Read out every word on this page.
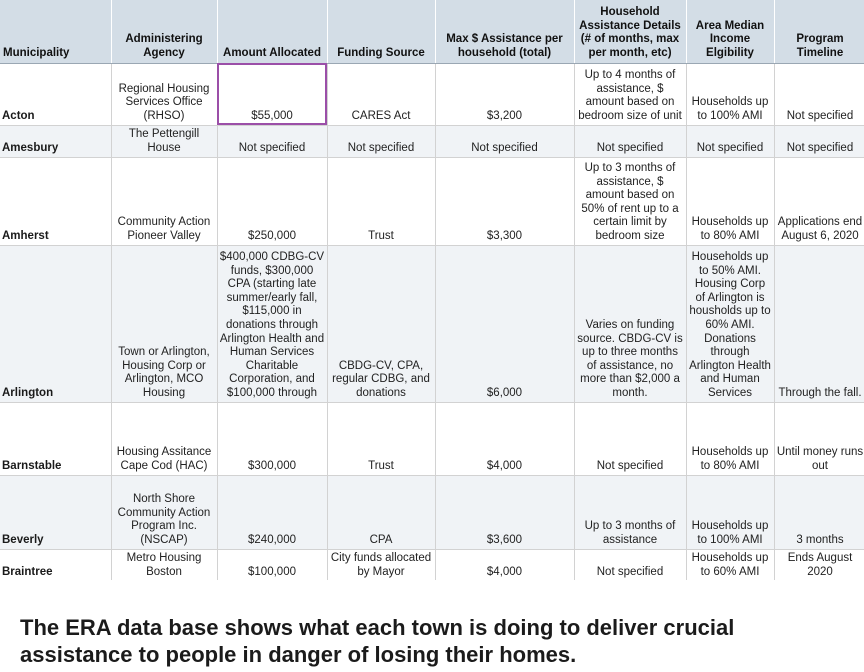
Municipality	Administering Agency	Amount Allocated	Funding Source	Max $ Assistance per household (total)	Household Assistance Details (# of months, max per month, etc)	Area Median Income Elgibility	Program Timeline
Acton	Regional Housing Services Office (RHSO)	$55,000	CARES Act	$3,200	Up to 4 months of assistance, $ amount based on bedroom size of unit	Households up to 100% AMI	Not specified
Amesbury	The Pettengill House	Not specified	Not specified	Not specified	Not specified	Not specified	Not specified
Amherst	Community Action Pioneer Valley	$250,000	Trust	$3,300	Up to 3 months of assistance, $ amount based on 50% of rent up to a certain limit by bedroom size	Households up to 80% AMI	Applications end August 6, 2020
Arlington	Town or Arlington, Housing Corp or Arlington, MCO Housing	$400,000 CDBG-CV funds, $300,000 CPA (starting late summer/early fall, $115,000 in donations through Arlington Health and Human Services Charitable Corporation, and $100,000 through	CBDG-CV, CPA, regular CDBG, and donations	$6,000	Varies on funding source. CBDG-CV is up to three months of assistance, no more than $2,000 a month.	Households up to 50% AMI. Housing Corp of Arlington is housholds up to 60% AMI. Donations through Arlington Health and Human Services	Through the fall.
Barnstable	Housing Assitance Cape Cod (HAC)	$300,000	Trust	$4,000	Not specified	Households up to 80% AMI	Until money runs out
Beverly	North Shore Community Action Program Inc. (NSCAP)	$240,000	CPA	$3,600	Up to 3 months of assistance	Households up to 100% AMI	3 months
Braintree	Metro Housing Boston	$100,000	City funds allocated by Mayor	$4,000	Not specified	Households up to 60% AMI	Ends August 2020
The ERA data base shows what each town is doing to deliver crucial assistance to people in danger of losing their homes.
